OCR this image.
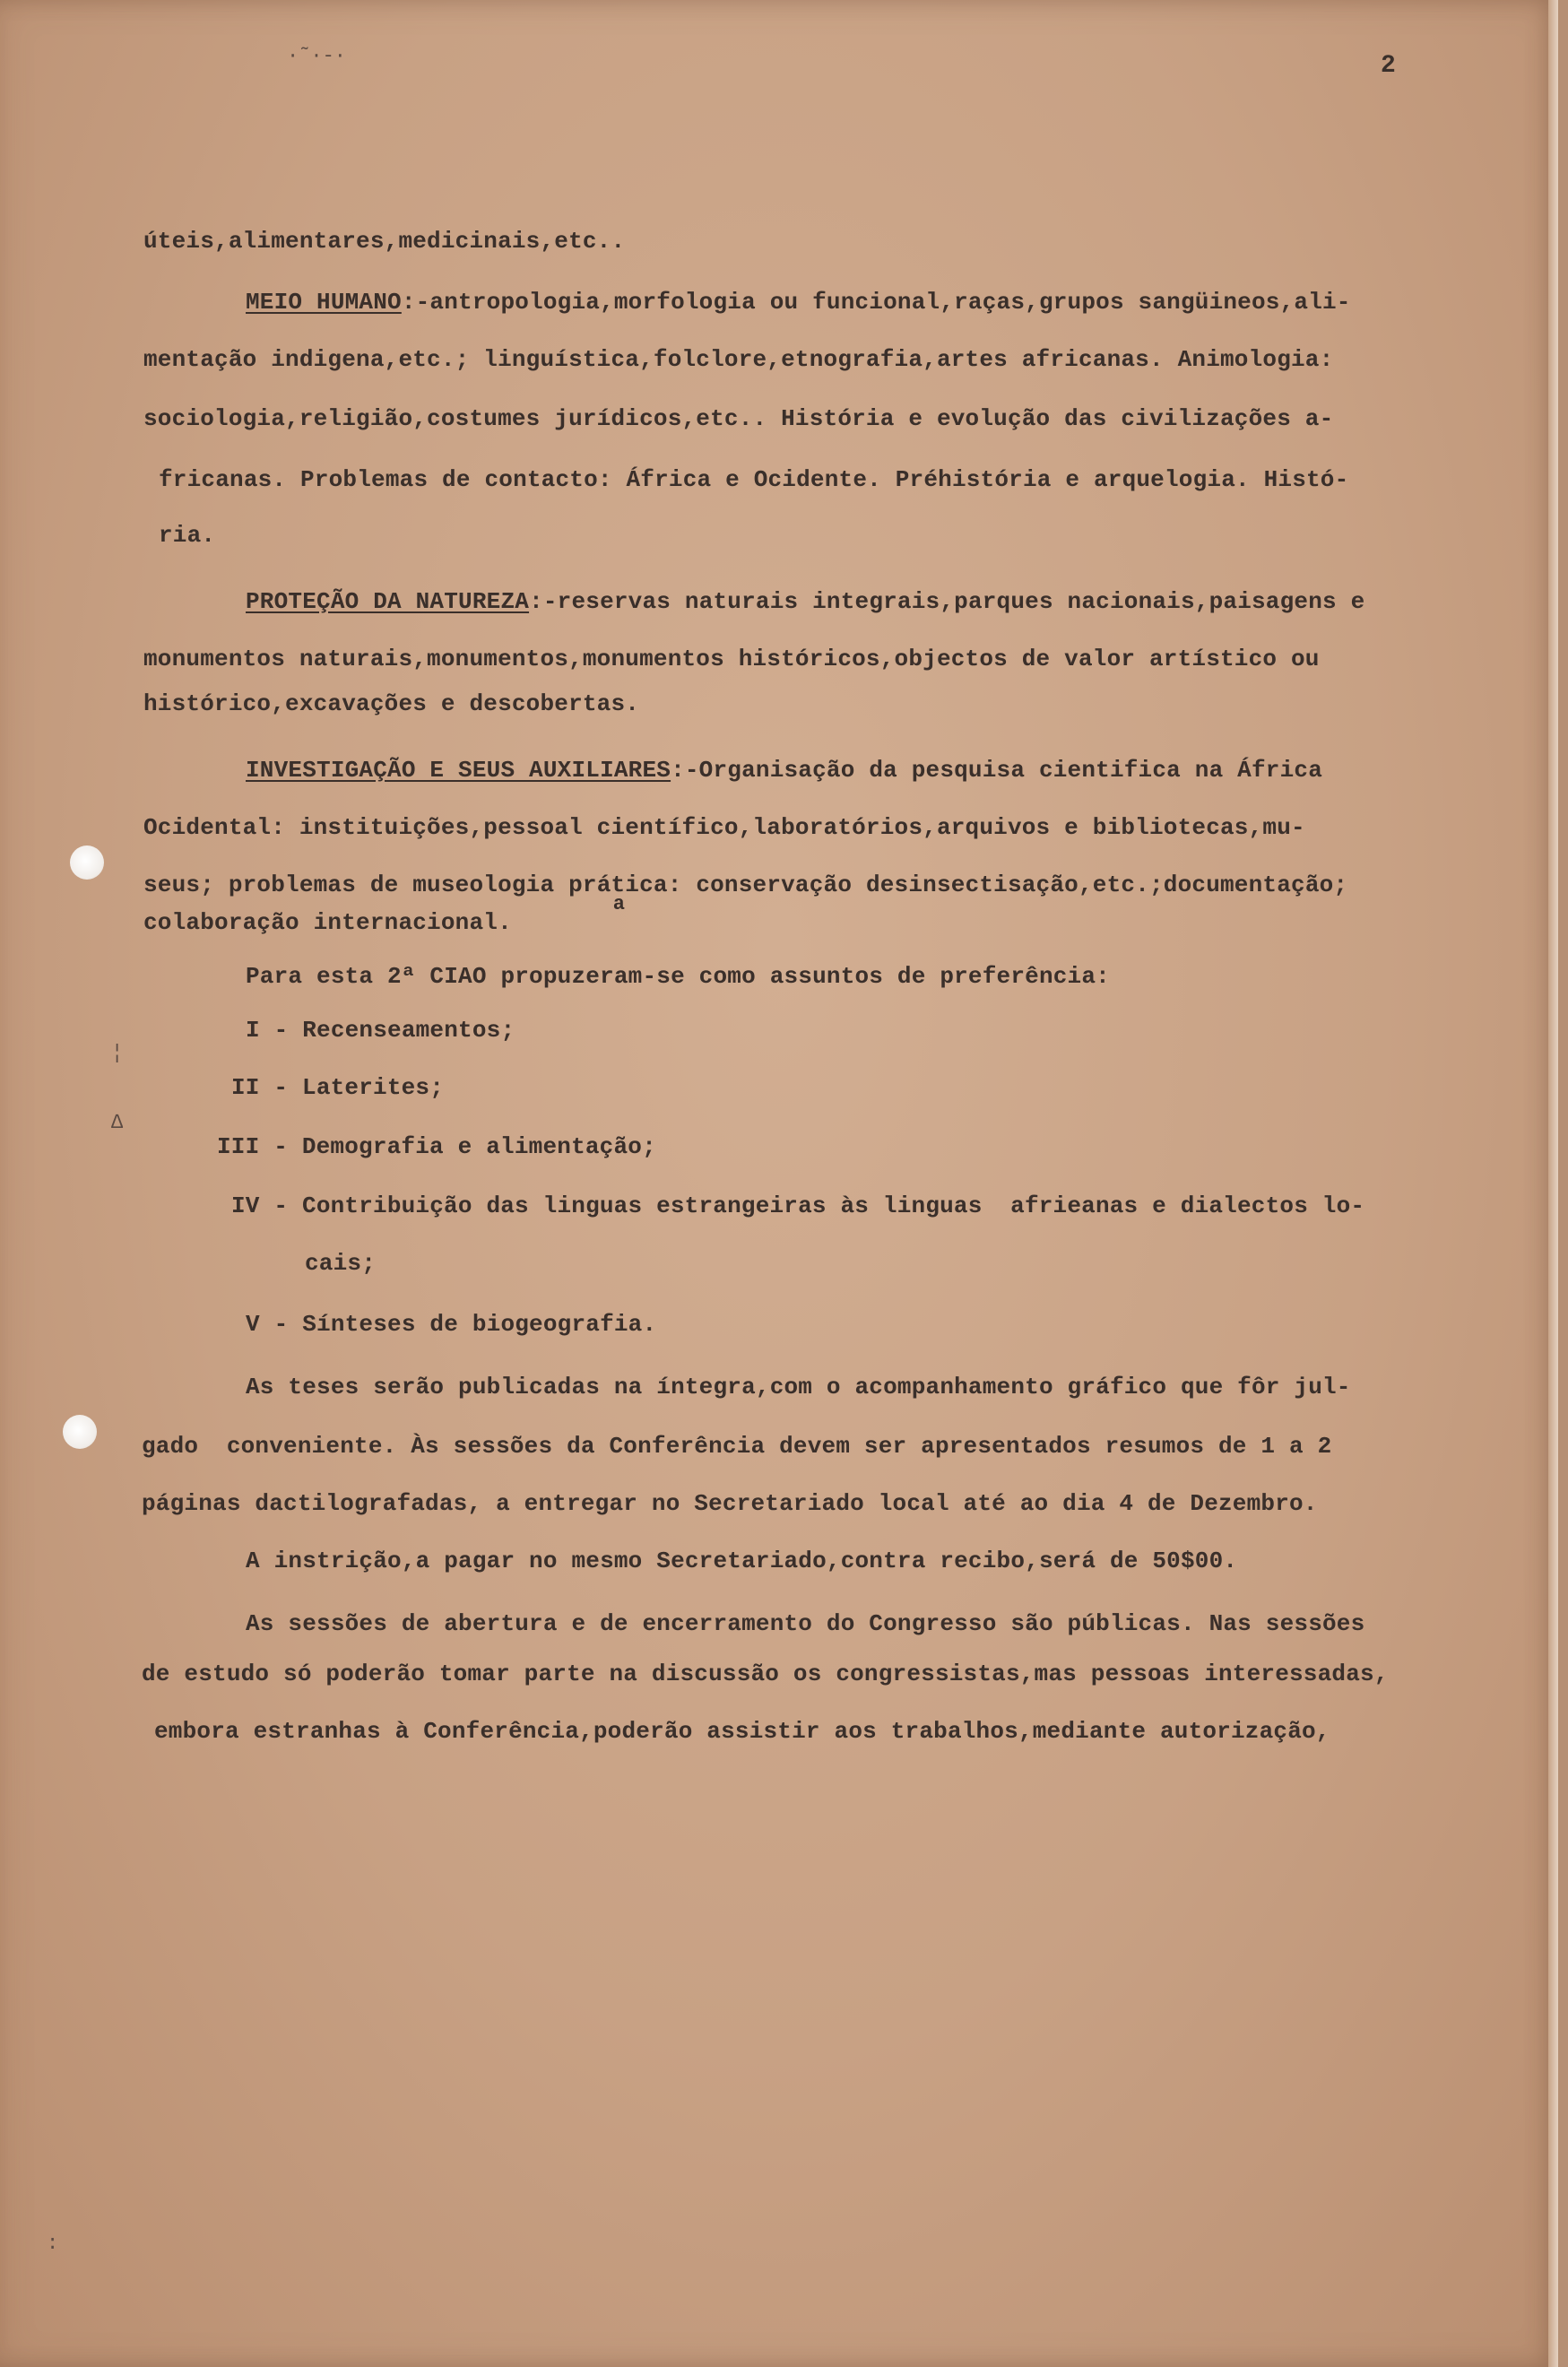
·˜·-·
¦
∆
2
úteis,alimentares,medicinais,etc..
MEIO HUMANO:-antropologia,morfologia ou funcional,raças,grupos sangüineos,ali-
mentação indigena,etc.; linguística,folclore,etnografia,artes africanas. Animologia:
sociologia,religião,costumes jurídicos,etc.. História e evolução das civilizações a-
fricanas. Problemas de contacto: África e Ocidente. Préhistória e arquelogia. Histó-
ria.
PROTEÇÃO DA NATUREZA:-reservas naturais integrais,parques nacionais,paisagens e
monumentos naturais,monumentos,monumentos históricos,objectos de valor artístico ou
histórico,excavações e descobertas.
INVESTIGAÇÃO E SEUS AUXILIARES:-Organisação da pesquisa cientifica na África
Ocidental: instituições,pessoal científico,laboratórios,arquivos e bibliotecas,mu-
seus; problemas de museologia prá
a
tica: conservação desinsectisação,etc.;documentação;
colaboração internacional.
Para esta 2ª CIAO propuzeram-se como assuntos de preferência:
I - Recenseamentos;
II - Laterites;
III - Demografia e alimentação;
IV - Contribuição das linguas estrangeiras às linguas  afrieanas e dialectos lo-
cais;
V - Sínteses de biogeografia.
As teses serão publicadas na íntegra,com o acompanhamento gráfico que fôr jul-
gado  conveniente. Às sessões da Conferência devem ser apresentados resumos de 1 a 2
páginas dactilografadas, a entregar no Secretariado local até ao dia 4 de Dezembro.
A instrição,a pagar no mesmo Secretariado,contra recibo,será de 50$00.
As sessões de abertura e de encerramento do Congresso são públicas. Nas sessões
de estudo só poderão tomar parte na discussão os congressistas,mas pessoas interessadas,
embora estranhas à Conferência,poderão assistir aos trabalhos,mediante autorização,
:
